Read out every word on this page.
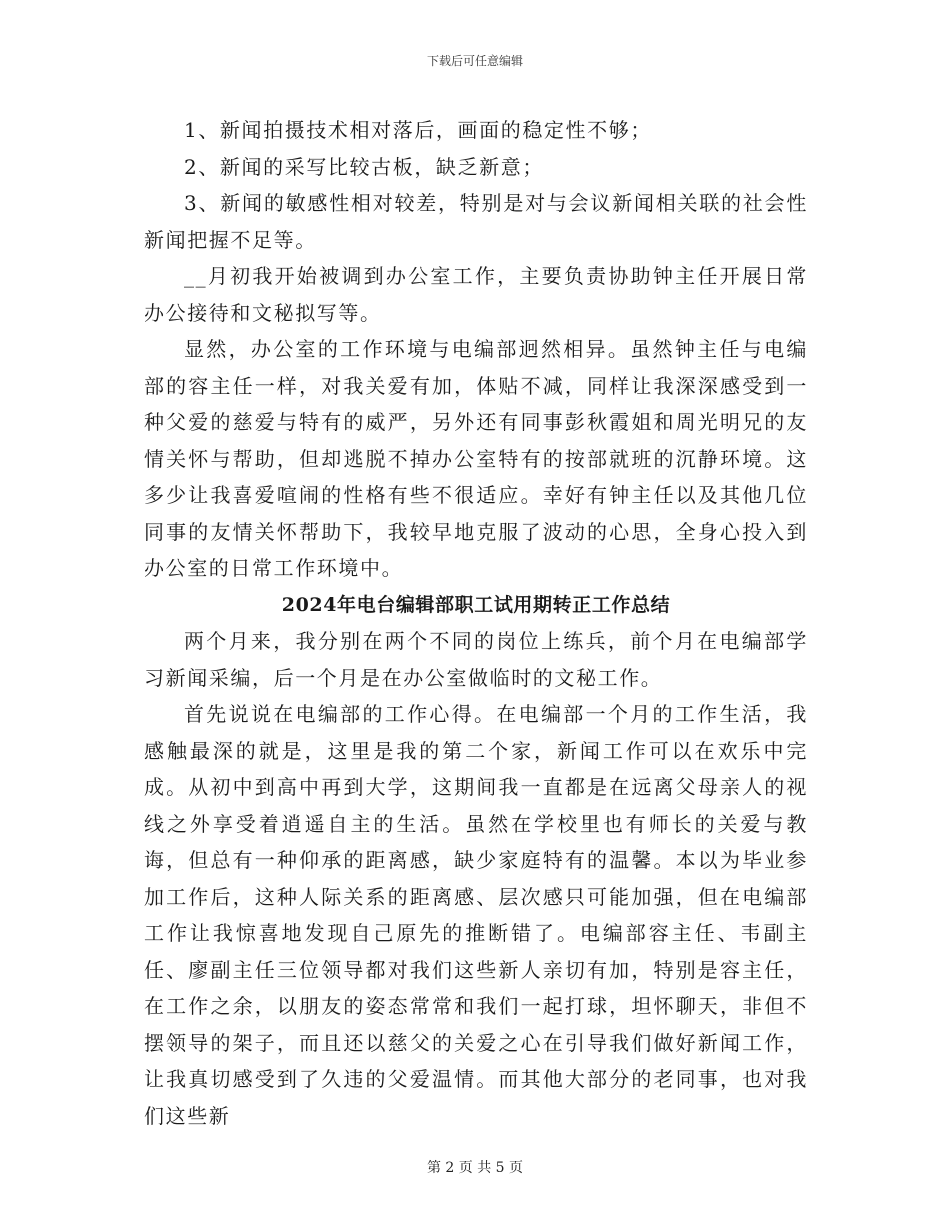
下载后可任意编辑

1、新闻拍摄技术相对落后，画面的稳定性不够；

2、新闻的采写比较古板，缺乏新意；

3、新闻的敏感性相对较差，特别是对与会议新闻相关联的社会性新闻把握不足等。

__月初我开始被调到办公室工作，主要负责协助钟主任开展日常办公接待和文秘拟写等。

显然，办公室的工作环境与电编部迥然相异。虽然钟主任与电编部的容主任一样，对我关爱有加，体贴不减，同样让我深深感受到一种父爱的慈爱与特有的威严，另外还有同事彭秋霞姐和周光明兄的友情关怀与帮助，但却逃脱不掉办公室特有的按部就班的沉静环境。这多少让我喜爱喧闹的性格有些不很适应。幸好有钟主任以及其他几位同事的友情关怀帮助下，我较早地克服了波动的心思，全身心投入到办公室的日常工作环境中。

2024年电台编辑部职工试用期转正工作总结

两个月来，我分别在两个不同的岗位上练兵，前个月在电编部学习新闻采编，后一个月是在办公室做临时的文秘工作。

首先说说在电编部的工作心得。在电编部一个月的工作生活，我感触最深的就是，这里是我的第二个家，新闻工作可以在欢乐中完成。从初中到高中再到大学，这期间我一直都是在远离父母亲人的视线之外享受着逍遥自主的生活。虽然在学校里也有师长的关爱与教诲，但总有一种仰承的距离感，缺少家庭特有的温馨。本以为毕业参加工作后，这种人际关系的距离感、层次感只可能加强，但在电编部工作让我惊喜地发现自己原先的推断错了。电编部容主任、韦副主任、廖副主任三位领导都对我们这些新人亲切有加，特别是容主任，在工作之余，以朋友的姿态常常和我们一起打球，坦怀聊天，非但不摆领导的架子，而且还以慈父的关爱之心在引导我们做好新闻工作，让我真切感受到了久违的父爱温情。而其他大部分的老同事，也对我们这些新

第 2 页 共 5 页
